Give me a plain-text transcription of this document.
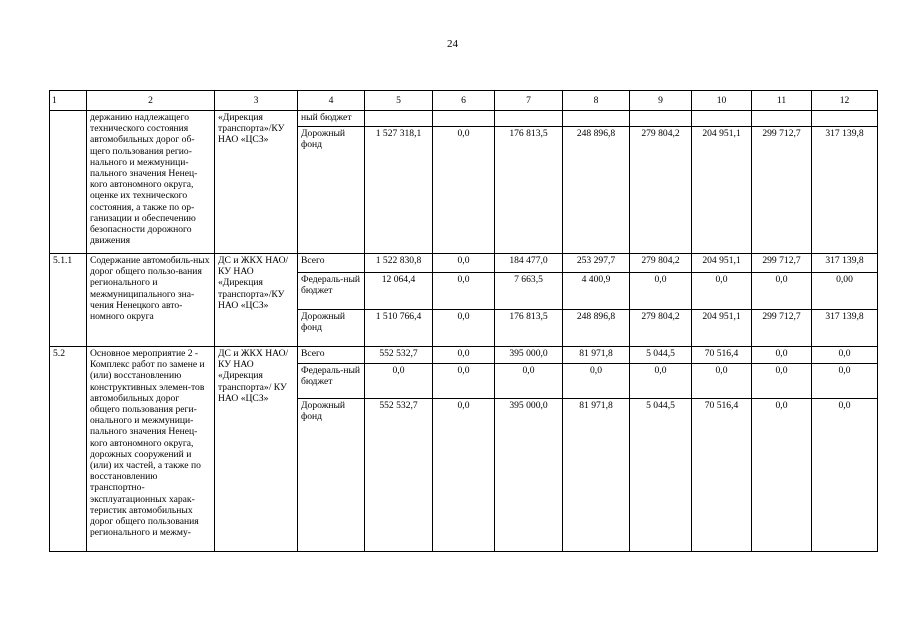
24
1	2	3	4	5	6	7	8	9	10	11	12
	держанию надлежащего технического состояния автомобильных дорог об-щего пользования регио-нального и межмуници-пального значения Ненец-кого автономного округа, оценке их технического состояния, а также по ор-ганизации и обеспечению безопасности дорожного движения	«Дирекция транспорта»/КУ НАО «ЦСЗ»	ный бюджет								
			Дорожный фонд	1 527 318,1	0,0	176 813,5	248 896,8	279 804,2	204 951,1	299 712,7	317 139,8
5.1.1	Содержание автомобиль-ных дорог общего пользо-вания регионального и межмуниципального зна-чения Ненецкого авто-номного округа	ДС и ЖКХ НАО/КУ НАО «Дирекция транспорта»/КУ НАО «ЦСЗ»	Всего	1 522 830,8	0,0	184 477,0	253 297,7	279 804,2	204 951,1	299 712,7	317 139,8
			Федераль-ный бюджет	12 064,4	0,0	7 663,5	4 400,9	0,0	0,0	0,0	0,00
			Дорожный фонд	1 510 766,4	0,0	176 813,5	248 896,8	279 804,2	204 951,1	299 712,7	317 139,8
5.2	Основное мероприятие 2 - Комплекс работ по замене и (или) восстановлению конструктивных элемен-тов автомобильных дорог общего пользования реги-онального и межмуници-пального значения Ненец-кого автономного округа, дорожных сооружений и (или) их частей, а также по восстановлению транспортно-эксплуатационных харак-теристик автомобильных дорог общего пользования регионального и межму-	ДС и ЖКХ НАО/КУ НАО «Дирекция транспорта»/ КУ НАО «ЦСЗ»	Всего	552 532,7	0,0	395 000,0	81 971,8	5 044,5	70 516,4	0,0	0,0
			Федераль-ный бюджет	0,0	0,0	0,0	0,0	0,0	0,0	0,0	0,0
			Дорожный фонд	552 532,7	0,0	395 000,0	81 971,8	5 044,5	70 516,4	0,0	0,0
